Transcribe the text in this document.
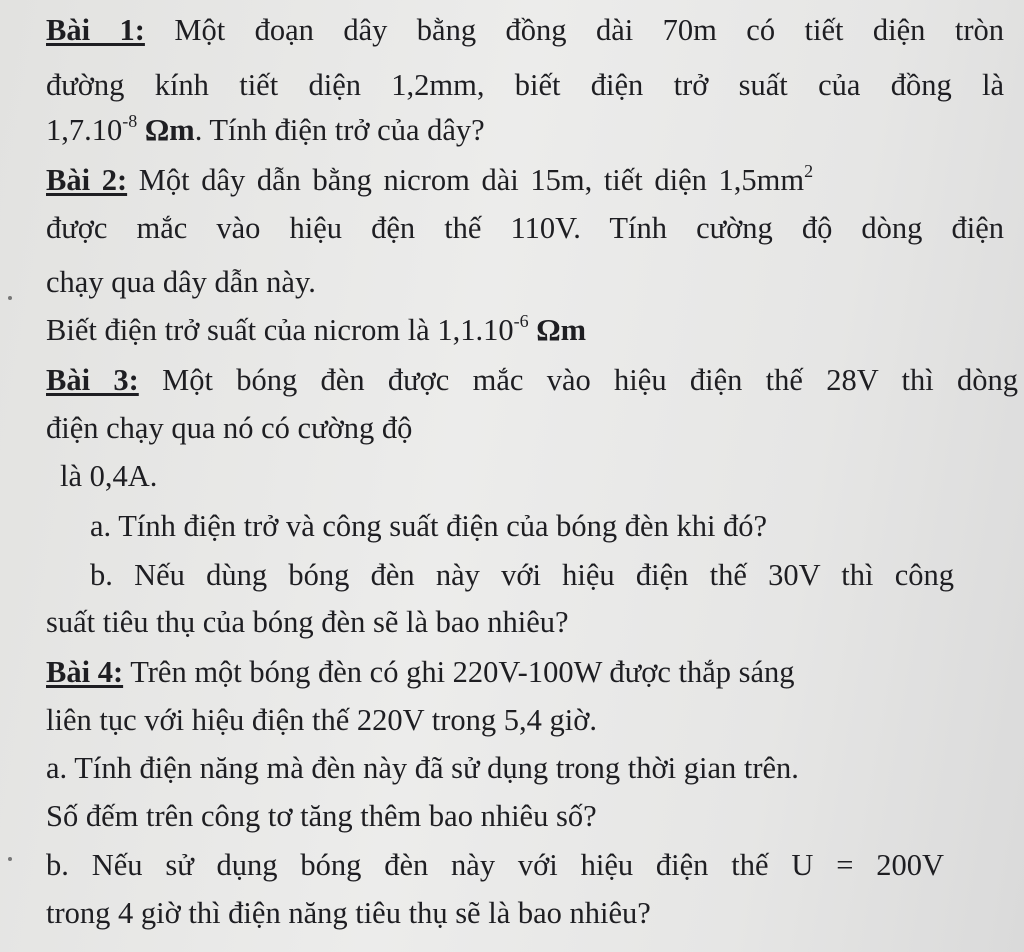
Bài 1: Một đoạn dây bằng đồng dài 70m có tiết diện tròn
đường kính tiết diện 1,2mm, biết điện trở suất của đồng là
$1,7.10^{-8}$ Ωm. Tính điện trở của dây?
Bài 2: Một dây dẫn bằng nicrom dài 15m, tiết diện $1,5mm^2$
được mắc vào hiệu đện thế 110V. Tính cường độ dòng điện
chạy qua dây dẫn này.
Biết điện trở suất của nicrom là $1,1.10^{-6}$ Ωm
Bài 3: Một bóng đèn được mắc vào hiệu điện thế 28V thì dòng
điện chạy qua nó có cường độ
là 0,4A.
a. Tính điện trở và công suất điện của bóng đèn khi đó?
b. Nếu dùng bóng đèn này với hiệu điện thế 30V thì công
suất tiêu thụ của bóng đèn sẽ là bao nhiêu?
Bài 4: Trên một bóng đèn có ghi 220V-100W được thắp sáng
liên tục với hiệu điện thế 220V trong 5,4 giờ.
a. Tính điện năng mà đèn này đã sử dụng trong thời gian trên.
Số đếm trên công tơ tăng thêm bao nhiêu số?
b. Nếu sử dụng bóng đèn này với hiệu điện thế U = 200V
trong 4 giờ thì điện năng tiêu thụ sẽ là bao nhiêu?
